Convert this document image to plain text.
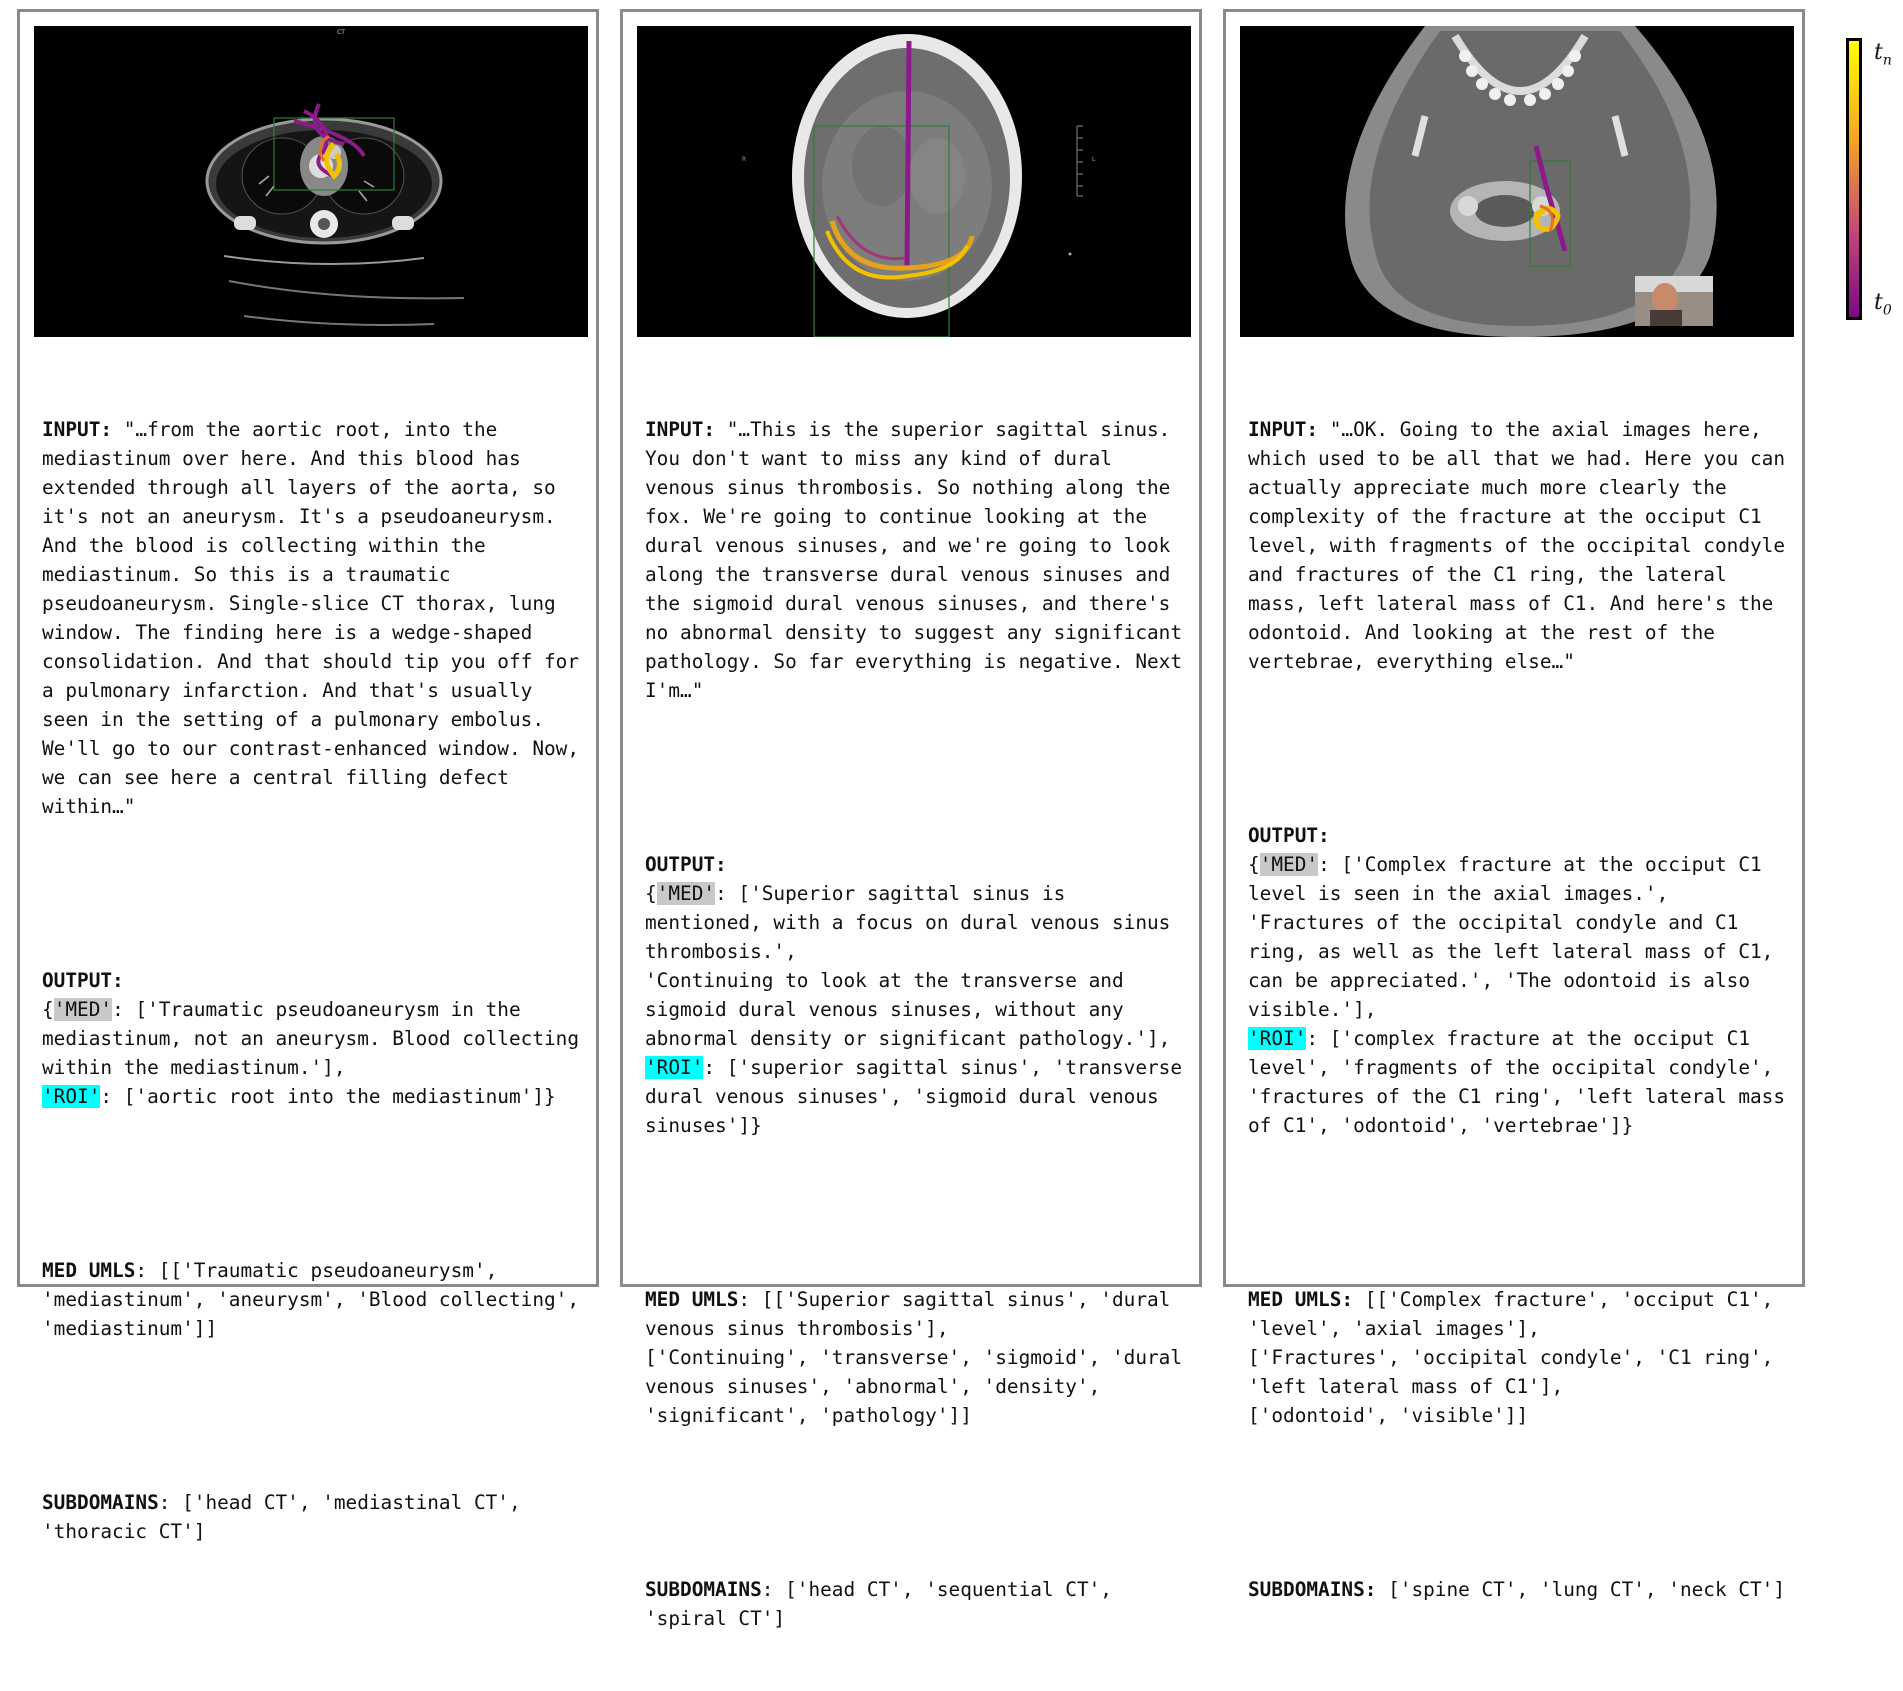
CT

INPUT: "…from the aortic root, into the mediastinum over here. And this blood has extended through all layers of the aorta, so it's not an aneurysm. It's a pseudoaneurysm. And the blood is collecting within the mediastinum. So this is a traumatic pseudoaneurysm. Single-slice CT thorax, lung window. The finding here is a wedge-shaped consolidation. And that should tip you off for a pulmonary infarction. And that's usually seen in the setting of a pulmonary embolus. We'll go to our contrast-enhanced window. Now, we can see here a central filling defect within…"

OUTPUT:
{'MED': ['Traumatic pseudoaneurysm in the mediastinum, not an aneurysm. Blood collecting within the mediastinum.'],
'ROI': ['aortic root into the mediastinum']}

MED UMLS: [['Traumatic pseudoaneurysm', 'mediastinum', 'aneurysm', 'Blood collecting', 'mediastinum']]

SUBDOMAINS: ['head CT', 'mediastinal CT', 'thoracic CT']

R	L

INPUT: "…This is the superior sagittal sinus. You don't want to miss any kind of dural venous sinus thrombosis. So nothing along the fox. We're going to continue looking at the dural venous sinuses, and we're going to look along the transverse dural venous sinuses and the sigmoid dural venous sinuses, and there's no abnormal density to suggest any significant pathology. So far everything is negative. Next I'm…"

OUTPUT:
{'MED': ['Superior sagittal sinus is mentioned, with a focus on dural venous sinus thrombosis.',
'Continuing to look at the transverse and sigmoid dural venous sinuses, without any abnormal density or significant pathology.'],
'ROI': ['superior sagittal sinus', 'transverse dural venous sinuses', 'sigmoid dural venous sinuses']}

MED UMLS: [['Superior sagittal sinus', 'dural venous sinus thrombosis'],
['Continuing', 'transverse', 'sigmoid', 'dural venous sinuses', 'abnormal', 'density', 'significant', 'pathology']]

SUBDOMAINS: ['head CT', 'sequential CT', 'spiral CT']

INPUT: "…OK. Going to the axial images here, which used to be all that we had. Here you can actually appreciate much more clearly the complexity of the fracture at the occiput C1 level, with fragments of the occipital condyle and fractures of the C1 ring, the lateral mass, left lateral mass of C1. And here's the odontoid. And looking at the rest of the vertebrae, everything else…"

OUTPUT:
{'MED': ['Complex fracture at the occiput C1 level is seen in the axial images.', 'Fractures of the occipital condyle and C1 ring, as well as the left lateral mass of C1, can be appreciated.', 'The odontoid is also visible.'],
'ROI': ['complex fracture at the occiput C1 level', 'fragments of the occipital condyle', 'fractures of the C1 ring', 'left lateral mass of C1', 'odontoid', 'vertebrae']}

MED UMLS: [['Complex fracture', 'occiput C1', 'level', 'axial images'],
['Fractures', 'occipital condyle', 'C1 ring', 'left lateral mass of C1'],
['odontoid', 'visible']]

SUBDOMAINS: ['spine CT', 'lung CT', 'neck CT']

$t_n$
$t_0$
